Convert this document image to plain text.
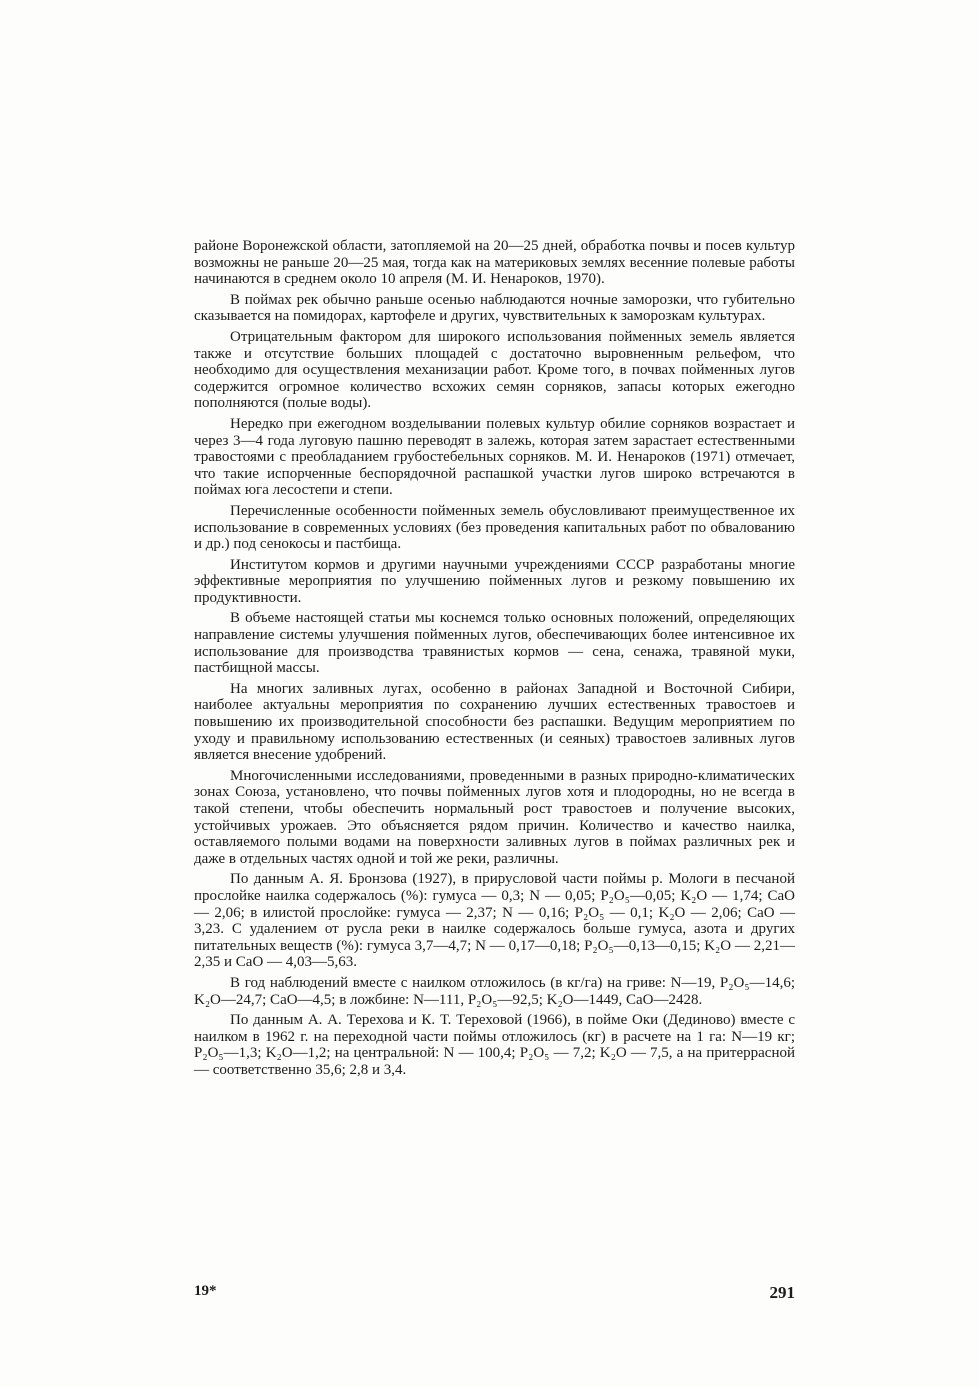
районе Воронежской области, затопляемой на 20—25 дней, обработка почвы и посев культур возможны не раньше 20—25 мая, тогда как на материковых землях весенние полевые работы начинаются в среднем около 10 апреля (М. И. Ненароков, 1970).

В поймах рек обычно раньше осенью наблюдаются ночные заморозки, что губительно сказывается на помидорах, картофеле и других, чувствительных к заморозкам культурах.

Отрицательным фактором для широкого использования пойменных земель является также и отсутствие больших площадей с достаточно выровненным рельефом, что необходимо для осуществления механизации работ. Кроме того, в почвах пойменных лугов содержится огромное количество всхожих семян сорняков, запасы которых ежегодно пополняются (полые воды).

Нередко при ежегодном возделывании полевых культур обилие сорняков возрастает и через 3—4 года луговую пашню переводят в залежь, которая затем зарастает естественными травостоями с преобладанием грубостебельных сорняков. М. И. Ненароков (1971) отмечает, что такие испорченные беспорядочной распашкой участки лугов широко встречаются в поймах юга лесостепи и степи.

Перечисленные особенности пойменных земель обусловливают преимущественное их использование в современных условиях (без проведения капитальных работ по обвалованию и др.) под сенокосы и пастбища.

Институтом кормов и другими научными учреждениями СССР разработаны многие эффективные мероприятия по улучшению пойменных лугов и резкому повышению их продуктивности.

В объеме настоящей статьи мы коснемся только основных положений, определяющих направление системы улучшения пойменных лугов, обеспечивающих более интенсивное их использование для производства травянистых кормов — сена, сенажа, травяной муки, пастбищной массы.

На многих заливных лугах, особенно в районах Западной и Восточной Сибири, наиболее актуальны мероприятия по сохранению лучших естественных травостоев и повышению их производительной способности без распашки. Ведущим мероприятием по уходу и правильному использованию естественных (и сеяных) травостоев заливных лугов является внесение удобрений.

Многочисленными исследованиями, проведенными в разных природно-климатических зонах Союза, установлено, что почвы пойменных лугов хотя и плодородны, но не всегда в такой степени, чтобы обеспечить нормальный рост травостоев и получение высоких, устойчивых урожаев. Это объясняется рядом причин. Количество и качество наилка, оставляемого полыми водами на поверхности заливных лугов в поймах различных рек и даже в отдельных частях одной и той же реки, различны.

По данным А. Я. Бронзова (1927), в прирусловой части поймы р. Мологи в песчаной прослойке наилка содержалось (%): гумуса — 0,3; N — 0,05; P₂O₅—0,05; K₂O — 1,74; CaO — 2,06; в илистой прослойке: гумуса — 2,37; N — 0,16; P₂O₅ — 0,1; K₂O — 2,06; CaO — 3,23. С удалением от русла реки в наилке содержалось больше гумуса, азота и других питательных веществ (%): гумуса 3,7—4,7; N — 0,17—0,18; P₂O₅—0,13—0,15; K₂O — 2,21—2,35 и CaO — 4,03—5,63.

В год наблюдений вместе с наилком отложилось (в кг/га) на гриве: N—19, P₂O₅—14,6; K₂O—24,7; CaO—4,5; в ложбине: N—111, P₂O₅—92,5; K₂O—1449, CaO—2428.

По данным А. А. Терехова и К. Т. Тереховой (1966), в пойме Оки (Дединово) вместе с наилком в 1962 г. на переходной части поймы отложилось (кг) в расчете на 1 га: N—19 кг; P₂O₅—1,3; K₂O—1,2; на центральной: N — 100,4; P₂O₅ — 7,2; K₂O — 7,5, а на притеррасной — соответственно 35,6; 2,8 и 3,4.

19*	291
